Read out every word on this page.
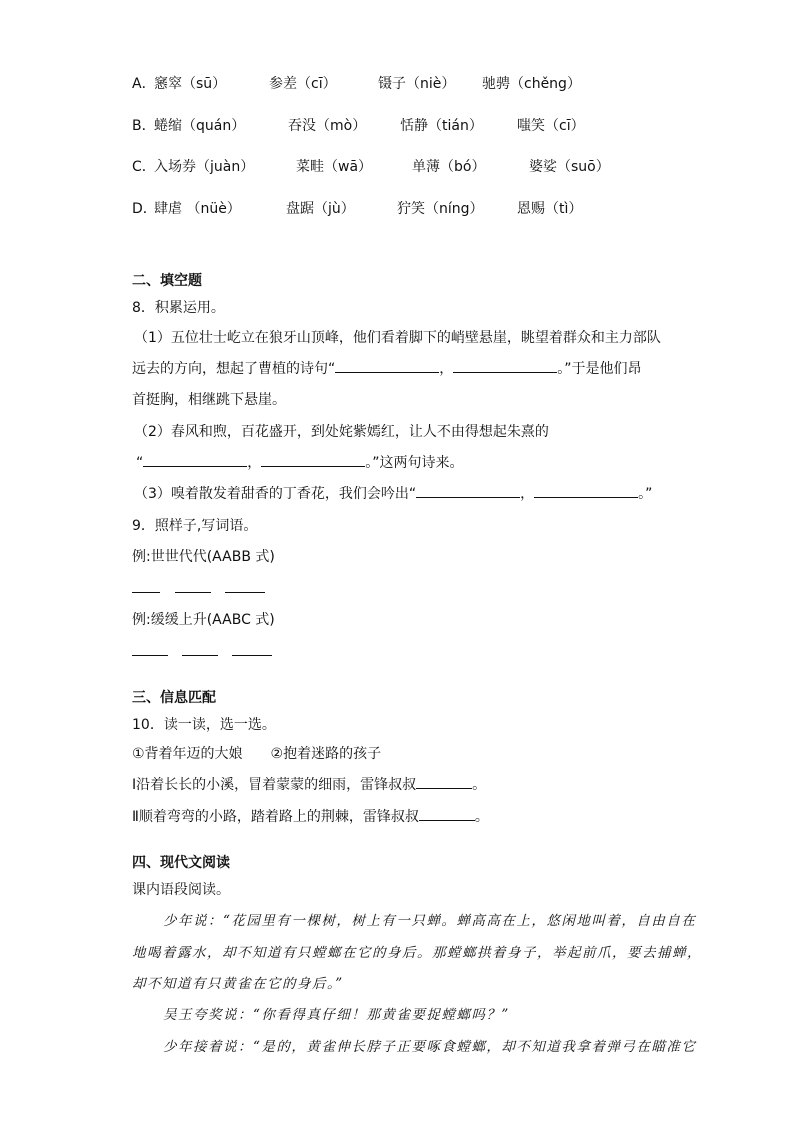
A．
窸窣（sū）	参差（cī）	镊子（niè） 驰骋（chěng）
B．
蜷缩（quán）	吞没（mò） 恬静（tián） 嗤笑（cī）
C．
入场券（juàn）	菜畦（wā）	单薄（bó）	婆娑（suō）
D．
肆虐 （nüè）	盘踞（jù）	狞笑（níng） 恩赐（tì）
二、填空题
8．积累运用。
（1）五位壮士屹立在狼牙山顶峰，他们看着脚下的峭壁悬崖，眺望着群众和主力部队
远去的方向，想起了曹植的诗句“	，	。”于是他们昂
首挺胸，相继跳下悬崖。
（2）春风和煦，百花盛开，到处姹紫嫣红，让人不由得想起朱熹的
“	，	。”这两句诗来。
（3）嗅着散发着甜香的丁香花，我们会吟出“	，	。”
9．照样子,写词语。
例:世世代代(AABB 式)
例:缓缓上升(AABC 式)
三、信息匹配
10．读一读，选一选。
①背着年迈的大娘　　②抱着迷路的孩子
Ⅰ沿着长长的小溪，冒着蒙蒙的细雨，雷锋叔叔	。
Ⅱ顺着弯弯的小路，踏着路上的荆棘，雷锋叔叔	。
四、现代文阅读
课内语段阅读。
少年说：“花园里有一棵树，树上有一只蝉。蝉高高在上，悠闲地叫着，自由自在
地喝着露水，却不知道有只螳螂在它的身后。那螳螂拱着身子，举起前爪，要去捕蝉，
却不知道有只黄雀在它的身后。”
吴王夸奖说：“你看得真仔细！那黄雀要捉螳螂吗？”
少年接着说：“是的，黄雀伸长脖子正要啄食螳螂，却不知道我拿着弹弓在瞄准它
